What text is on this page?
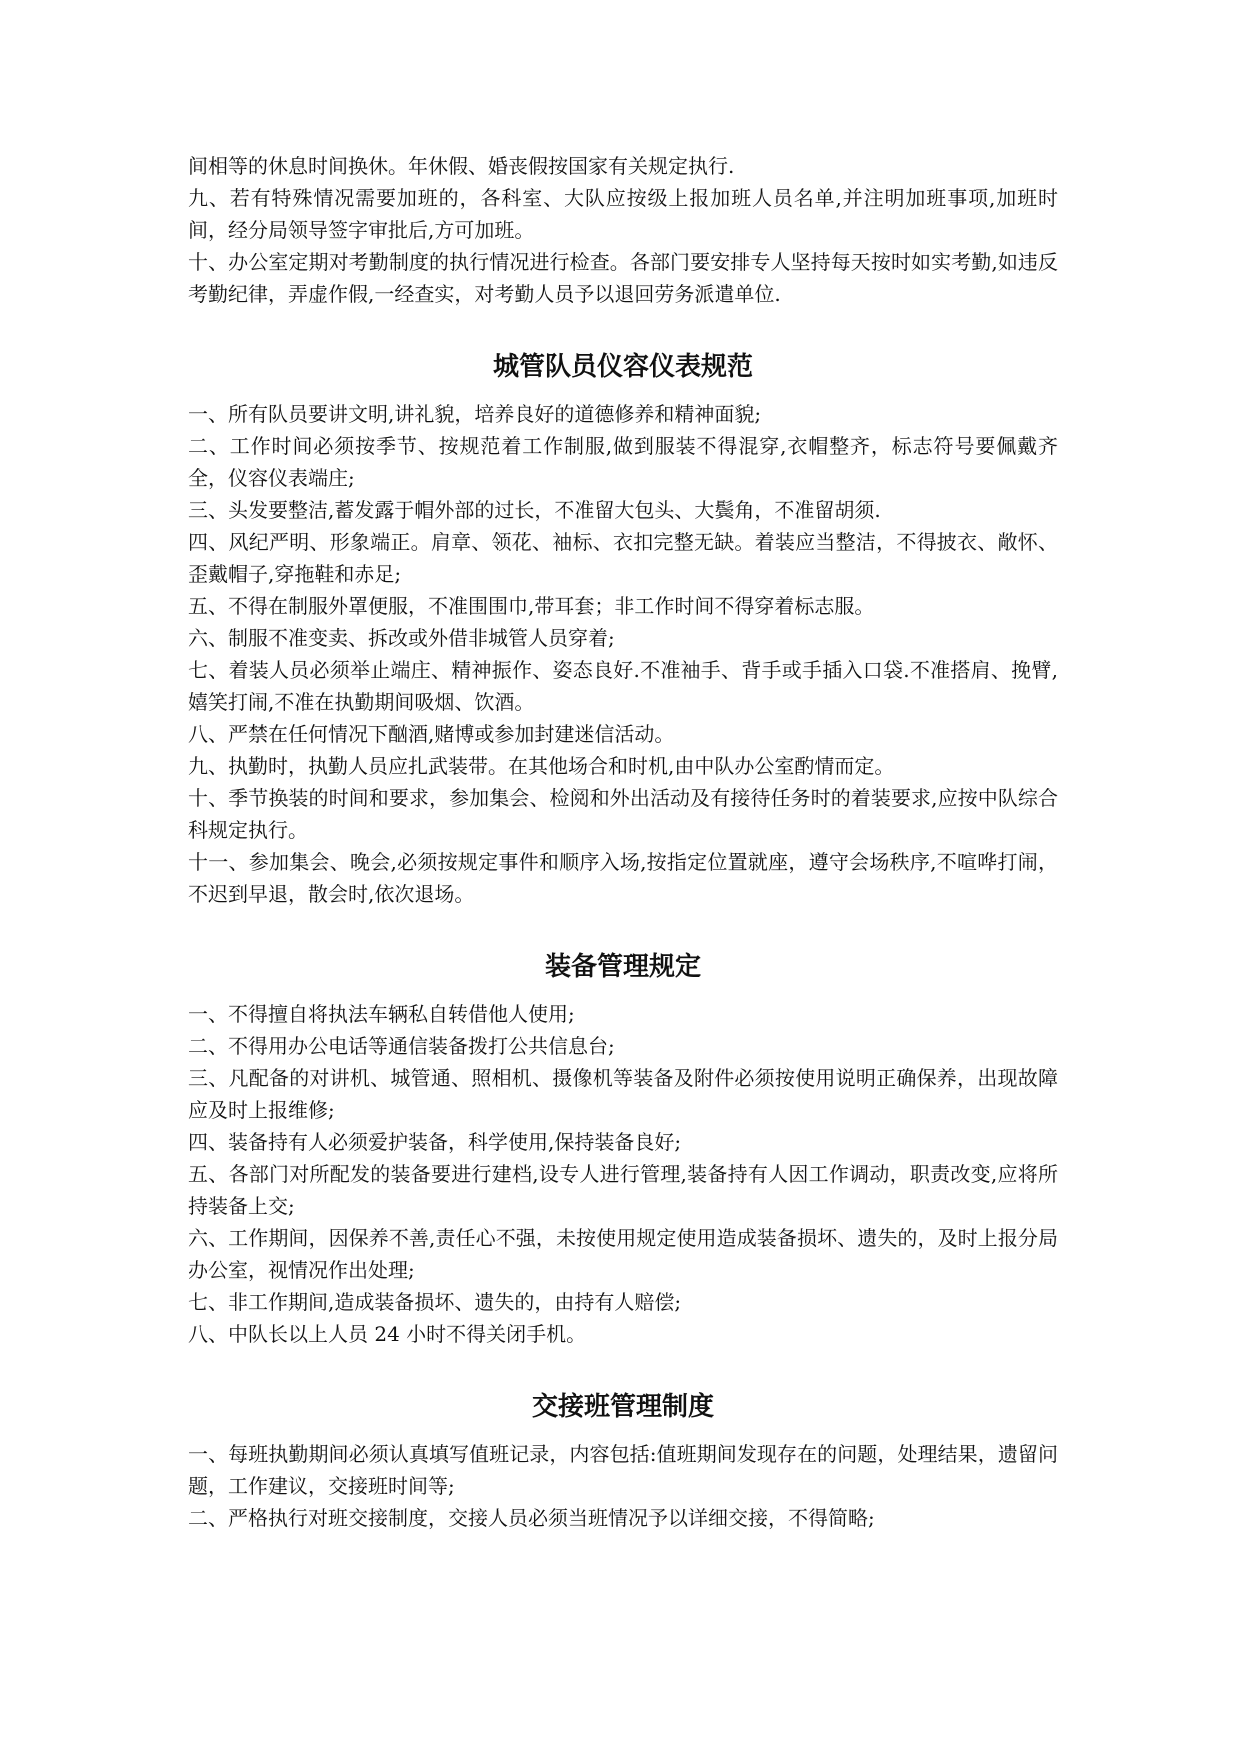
间相等的休息时间换休。年休假、婚丧假按国家有关规定执行.

九、若有特殊情况需要加班的，各科室、大队应按级上报加班人员名单,并注明加班事项,加班时间，经分局领导签字审批后,方可加班。

十、办公室定期对考勤制度的执行情况进行检查。各部门要安排专人坚持每天按时如实考勤,如违反考勤纪律，弄虚作假,一经查实，对考勤人员予以退回劳务派遣单位.

城管队员仪容仪表规范

一、所有队员要讲文明,讲礼貌，培养良好的道德修养和精神面貌;

二、工作时间必须按季节、按规范着工作制服,做到服装不得混穿,衣帽整齐，标志符号要佩戴齐全，仪容仪表端庄;

三、头发要整洁,蓄发露于帽外部的过长，不准留大包头、大鬓角，不准留胡须.

四、风纪严明、形象端正。肩章、领花、袖标、衣扣完整无缺。着装应当整洁，不得披衣、敞怀、歪戴帽子,穿拖鞋和赤足;

五、不得在制服外罩便服，不准围围巾,带耳套；非工作时间不得穿着标志服。

六、制服不准变卖、拆改或外借非城管人员穿着;

七、着装人员必须举止端庄、精神振作、姿态良好.不准袖手、背手或手插入口袋.不准搭肩、挽臂,嬉笑打闹,不准在执勤期间吸烟、饮酒。

八、严禁在任何情况下酗酒,赌博或参加封建迷信活动。

九、执勤时，执勤人员应扎武装带。在其他场合和时机,由中队办公室酌情而定。

十、季节换装的时间和要求，参加集会、检阅和外出活动及有接待任务时的着装要求,应按中队综合科规定执行。

十一、参加集会、晚会,必须按规定事件和顺序入场,按指定位置就座，遵守会场秩序,不喧哗打闹，不迟到早退，散会时,依次退场。

装备管理规定

一、不得擅自将执法车辆私自转借他人使用;

二、不得用办公电话等通信装备拨打公共信息台;

三、凡配备的对讲机、城管通、照相机、摄像机等装备及附件必须按使用说明正确保养，出现故障应及时上报维修;

四、装备持有人必须爱护装备，科学使用,保持装备良好;

五、各部门对所配发的装备要进行建档,设专人进行管理,装备持有人因工作调动，职责改变,应将所持装备上交;

六、工作期间，因保养不善,责任心不强，未按使用规定使用造成装备损坏、遗失的，及时上报分局办公室，视情况作出处理;

七、非工作期间,造成装备损坏、遗失的，由持有人赔偿;

八、中队长以上人员 24 小时不得关闭手机。

交接班管理制度

一、每班执勤期间必须认真填写值班记录，内容包括:值班期间发现存在的问题，处理结果，遗留问题，工作建议，交接班时间等;

二、严格执行对班交接制度，交接人员必须当班情况予以详细交接，不得简略;
